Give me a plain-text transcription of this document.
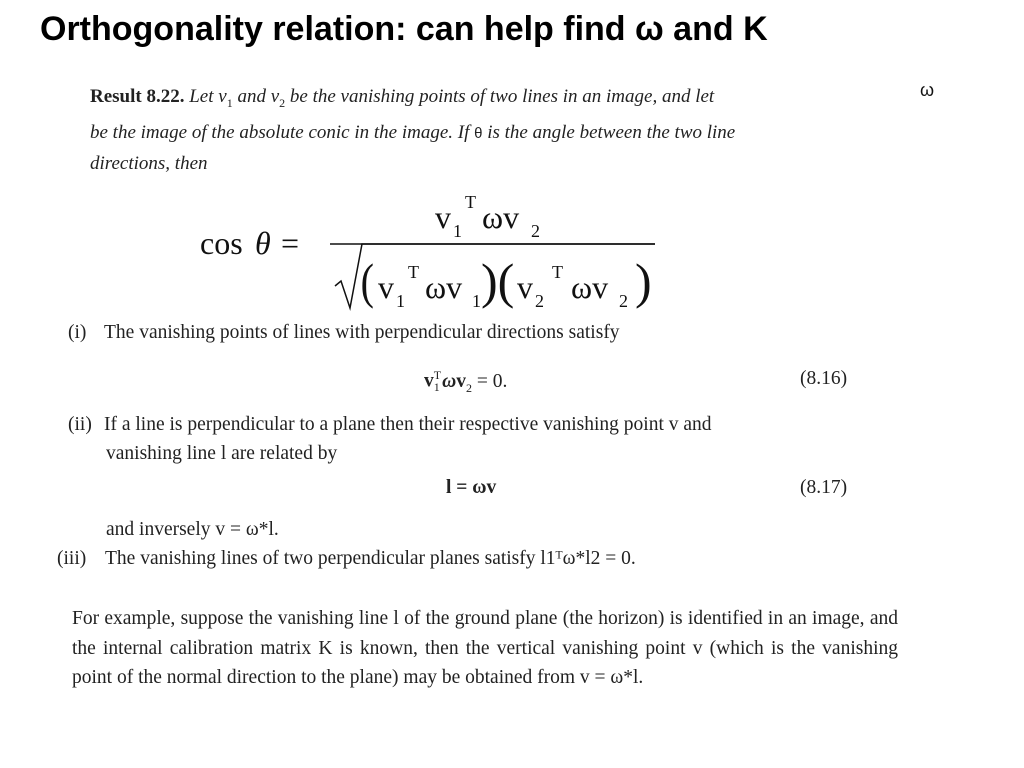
Orthogonality relation: can help find ω and K
ω
Result 8.22. Let $v_1$ and $v_2$ be the vanishing points of two lines in an image, and let
be the image of the absolute conic in the image. If θ is the angle between the two line
directions, then
cos θ =
v 1
T ωv 2
( v 1
T ωv 1 )( v 2
T ωv 2 )
(i) The vanishing points of lines with perpendicular directions satisfy
$v_1^T\omega v_2 = 0$.	(8.16)
(ii) If a line is perpendicular to a plane then their respective vanishing point v and
vanishing line l are related by
l = ωv	(8.17)
and inversely v = ω*l.
(iii) The vanishing lines of two perpendicular planes satisfy l1ᵀω*l2 = 0.
For example, suppose the vanishing line l of the ground plane (the horizon) is identified in an image, and the internal calibration matrix K is known, then the vertical vanishing point v (which is the vanishing point of the normal direction to the plane) may be obtained from v = ω*l.
